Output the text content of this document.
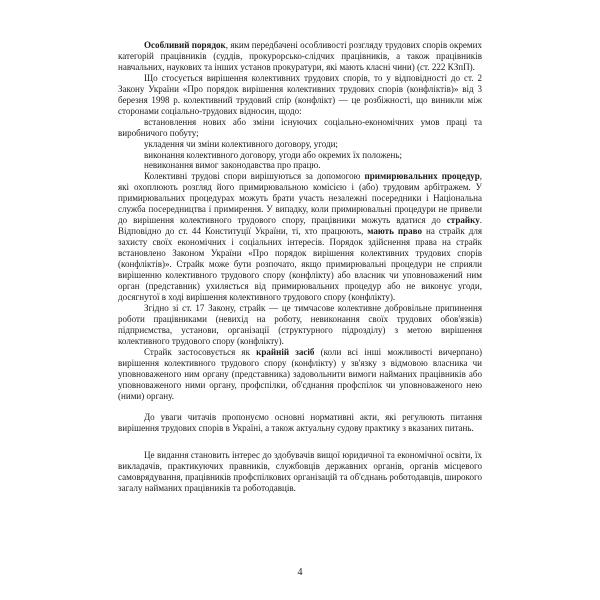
Особливий порядок, яким передбачені особливості розгляду трудових спорів окремих категорій працівників (суддів, прокурорсько-слідчих працівників, а також працівників навчальних, наукових та інших установ прокуратури, які мають класні чини) (ст. 222 КЗпП).

Що стосується вирішення колективних трудових спорів, то у відповідності до ст. 2 Закону України «Про порядок вирішення колективних трудових спорів (конфліктів)» від 3 березня 1998 р. колективний трудовий спір (конфлікт) — це розбіжності, що виникли між сторонами соціально-трудових відносин, щодо:

встановлення нових або зміни існуючих соціально-економічних умов праці та виробничого побуту;

укладення чи зміни колективного договору, угоди;

виконання колективного договору, угоди або окремих їх положень;

невиконання вимог законодавства про працю.

Колективні трудові спори вирішуються за допомогою примирювальних процедур, які охоплюють розгляд його примирювальною комісією і (або) трудовим арбітражем. У примирювальних процедурах можуть брати участь незалежні посередники і Національна служба посередництва і примирення. У випадку, коли примирювальні процедури не привели до вирішення колективного трудового спору, працівники можуть вдатися до страйку. Відповідно до ст. 44 Конституції України, ті, хто працюють, мають право на страйк для захисту своїх економічних і соціальних інтересів. Порядок здійснення права на страйк встановлено Законом України «Про порядок вирішення колективних трудових спорів (конфліктів)». Страйк може бути розпочато, якщо примирювальні процедури не сприяли вирішенню колективного трудового спору (конфлікту) або власник чи уповноважений ним орган (представник) ухиляється від примирювальних процедур або не виконує угоди, досягнутої в ході вирішення колективного трудового спору (конфлікту).

Згідно зі ст. 17 Закону, страйк — це тимчасове колективне добровільне припинення роботи працівниками (невихід на роботу, невиконання своїх трудових обов'язків) підприємства, установи, організації (структурного підрозділу) з метою вирішення колективного трудового спору (конфлікту).

Страйк застосовується як крайній засіб (коли всі інші можливості вичерпано) вирішення колективного трудового спору (конфлікту) у зв'язку з відмовою власника чи уповноваженого ним органу (представника) задовольнити вимоги найманих працівників або уповноваженого ними органу, профспілки, об'єднання профспілок чи уповноваженого нею (ними) органу.

До уваги читачів пропонуємо основні нормативні акти, які регулюють питання вирішення трудових спорів в Україні, а також актуальну судову практику з вказаних питань.

Це видання становить інтерес до здобувачів вищої юридичної та економічної освіти, їх викладачів, практикуючих правників, службовців державних органів, органів місцевого самоврядування, працівників профспілкових організацій та об'єднань роботодавців, широкого загалу найманих працівників та роботодавців.

4
